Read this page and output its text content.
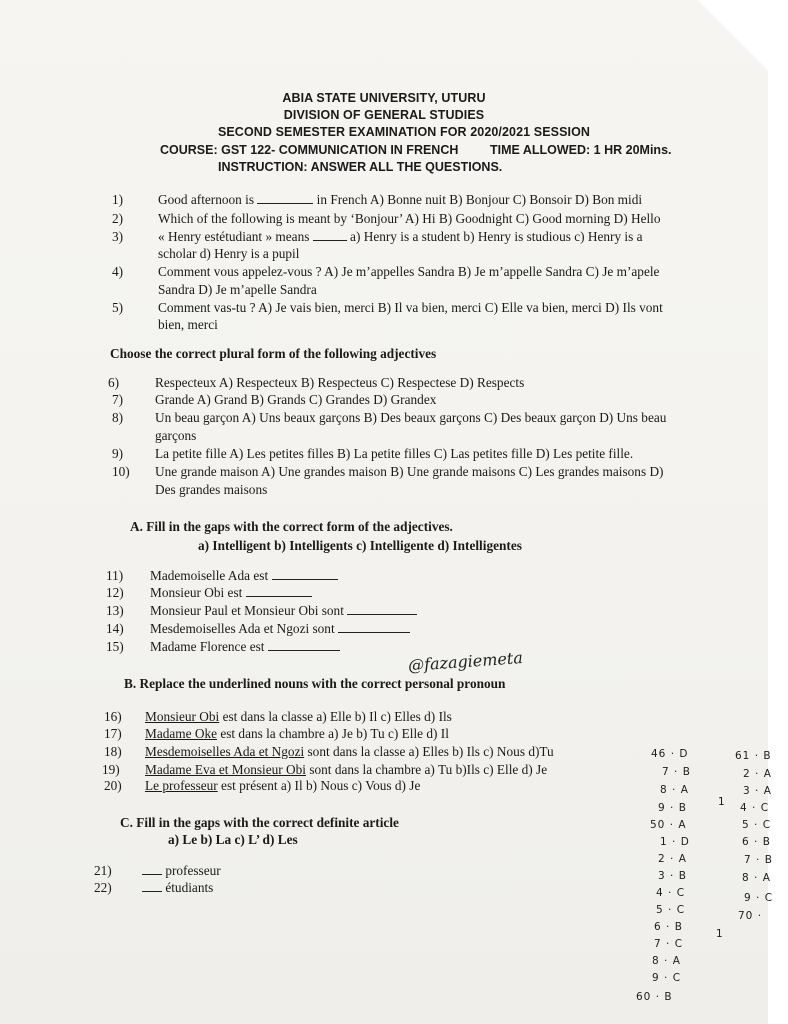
ABIA STATE UNIVERSITY, UTURU
DIVISION OF GENERAL STUDIES
SECOND SEMESTER EXAMINATION FOR 2020/2021 SESSION
COURSE: GST 122- COMMUNICATION IN FRENCH	TIME ALLOWED: 1 HR 20Mins.
INSTRUCTION: ANSWER ALL THE QUESTIONS.
1)	Good afternoon is	in French A) Bonne nuit B) Bonjour C) Bonsoir D) Bon midi
2)	Which of the following is meant by ‘Bonjour’ A) Hi B) Goodnight C) Good morning D) Hello
3)	« Henry estétudiant » means	a) Henry is a student b) Henry is studious c) Henry is a
scholar d) Henry is a pupil
4)	Comment vous appelez-vous ? A) Je m’appelles Sandra B) Je m’appelle Sandra C) Je m’apele
Sandra D) Je m’apelle Sandra
5)	Comment vas-tu ? A) Je vais bien, merci B) Il va bien, merci C) Elle va bien, merci D) Ils vont
bien, merci
Choose the correct plural form of the following adjectives
6)	Respecteux A) Respecteux B) Respecteus C) Respectese D) Respects
7) Grande A) Grand B) Grands C) Grandes D) Grandex
8) Un beau garçon A) Uns beaux garçons B) Des beaux garçons C) Des beaux garçon D) Uns beau
garçons
9) La petite fille A) Les petites filles B) La petite filles C) Las petites fille D) Les petite fille.
10) Une grande maison A) Une grandes maison B) Une grande maisons C) Les grandes maisons D)
Des grandes maisons
A. Fill in the gaps with the correct form of the adjectives.
a) Intelligent b) Intelligents c) Intelligente d) Intelligentes
11) Mademoiselle Ada est
12) Monsieur Obi est
13) Monsieur Paul et Monsieur Obi sont
14) Mesdemoiselles Ada et Ngozi sont
15) Madame Florence est
@fazagiemeta
B. Replace the underlined nouns with the correct personal pronoun
16) Monsieur Obi est dans la classe a) Elle b) Il c) Elles d) Ils
17) Madame Oke est dans la chambre a) Je b) Tu c) Elle d) Il
18) Mesdemoiselles Ada et Ngozi sont dans la classe a) Elles b) Ils c) Nous d)Tu
19) Madame Eva et Monsieur Obi sont dans la chambre a) Tu b)Ils c) Elle d) Je
20) Le professeur est présent a) Il b) Nous c) Vous d) Je
C. Fill in the gaps with the correct definite article
a) Le b) La c) L’ d) Les
21)	professeur
22)	étudiants
46 · D
7 · B
8 · A
9 · B
50 · A
1 · D
2 · A
3 · B
4 · C
5 · C
6 · B
7 · C
8 · A
9 · C
60 · B
61 · B
2 · A
3 · A
4 · C
5 · C
6 · B
7 · B
8 · A
9 · C
70 ·
1
1
